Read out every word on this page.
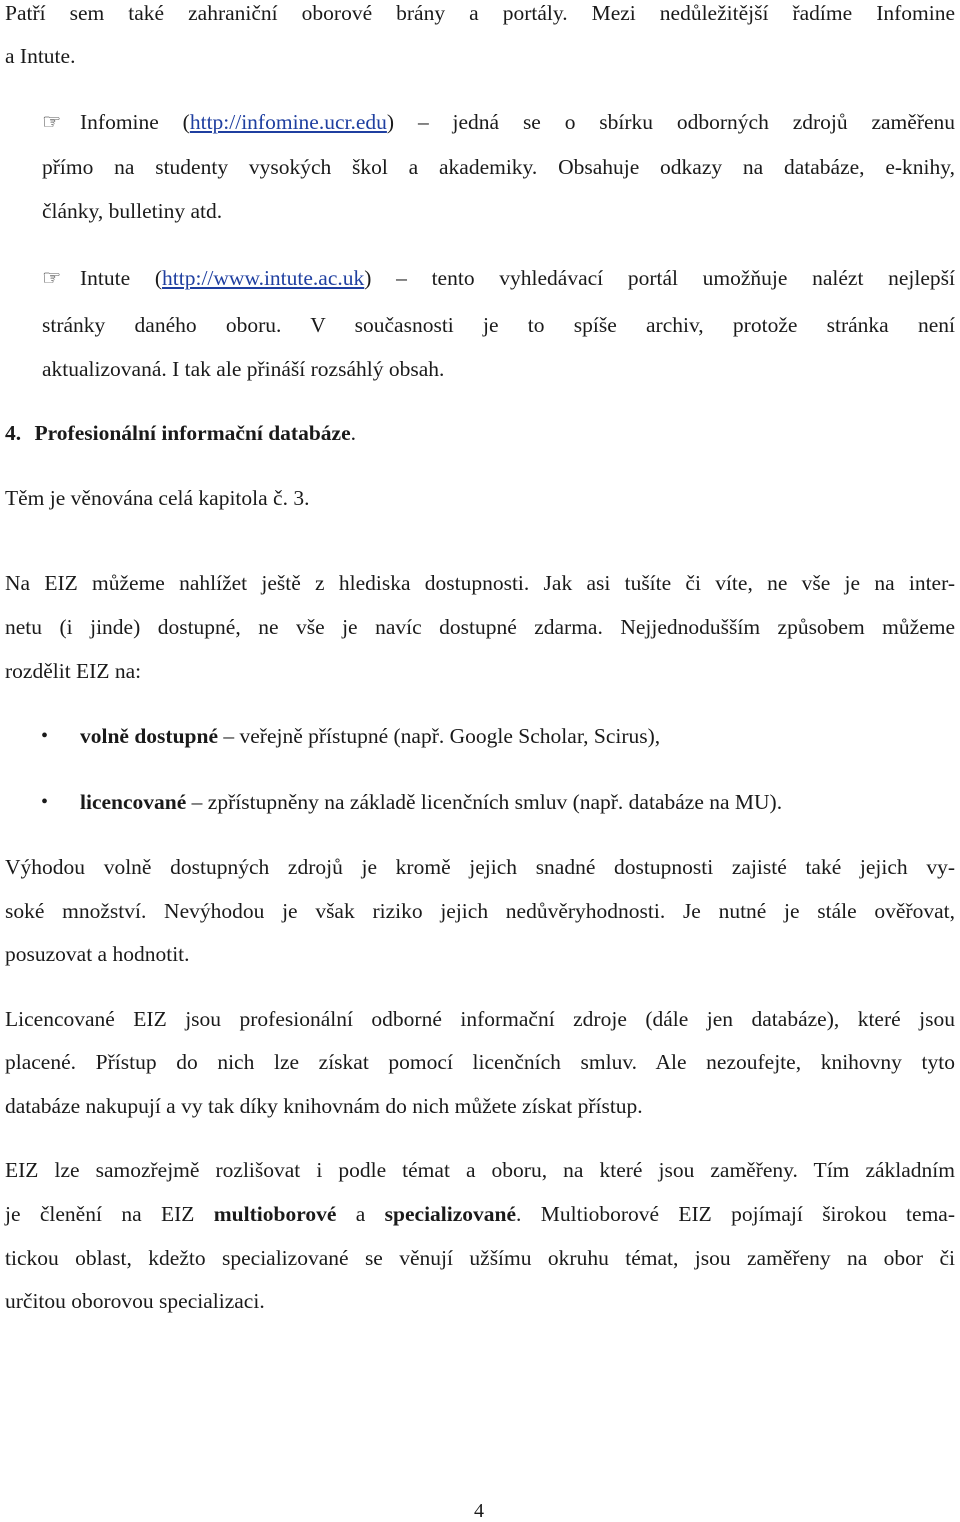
Patří sem také zahraniční oborové brány a portály. Mezi nedůležitější řadíme Infomine
a Intute.
☞ Infomine (http://infomine.ucr.edu) – jedná se o sbírku odborných zdrojů zaměřenu
přímo na studenty vysokých škol a akademiky. Obsahuje odkazy na databáze, e-knihy,
články, bulletiny atd.
☞ Intute (http://www.intute.ac.uk) – tento vyhledávací portál umožňuje nalézt nejlepší
stránky daného oboru. V současnosti je to spíše archiv, protože stránka není
aktualizovaná. I tak ale přináší rozsáhlý obsah.
4. Profesionální informační databáze.
Těm je věnována celá kapitola č. 3.
Na EIZ můžeme nahlížet ještě z hlediska dostupnosti. Jak asi tušíte či víte, ne vše je na inter-
netu (i jinde) dostupné, ne vše je navíc dostupné zdarma. Nejjednodušším způsobem můžeme
rozdělit EIZ na:
• volně dostupné – veřejně přístupné (např. Google Scholar, Scirus),
• licencované – zpřístupněny na základě licenčních smluv (např. databáze na MU).
Výhodou volně dostupných zdrojů je kromě jejich snadné dostupnosti zajisté také jejich vy-
soké množství. Nevýhodou je však riziko jejich nedůvěryhodnosti. Je nutné je stále ověřovat,
posuzovat a hodnotit.
Licencované EIZ jsou profesionální odborné informační zdroje (dále jen databáze), které jsou
placené. Přístup do nich lze získat pomocí licenčních smluv. Ale nezoufejte, knihovny tyto
databáze nakupují a vy tak díky knihovnám do nich můžete získat přístup.
EIZ lze samozřejmě rozlišovat i podle témat a oboru, na které jsou zaměřeny. Tím základním
je členění na EIZ multioborové a specializované. Multioborové EIZ pojímají širokou tema-
tickou oblast, kdežto specializované se věnují užšímu okruhu témat, jsou zaměřeny na obor či
určitou oborovou specializaci.
4
